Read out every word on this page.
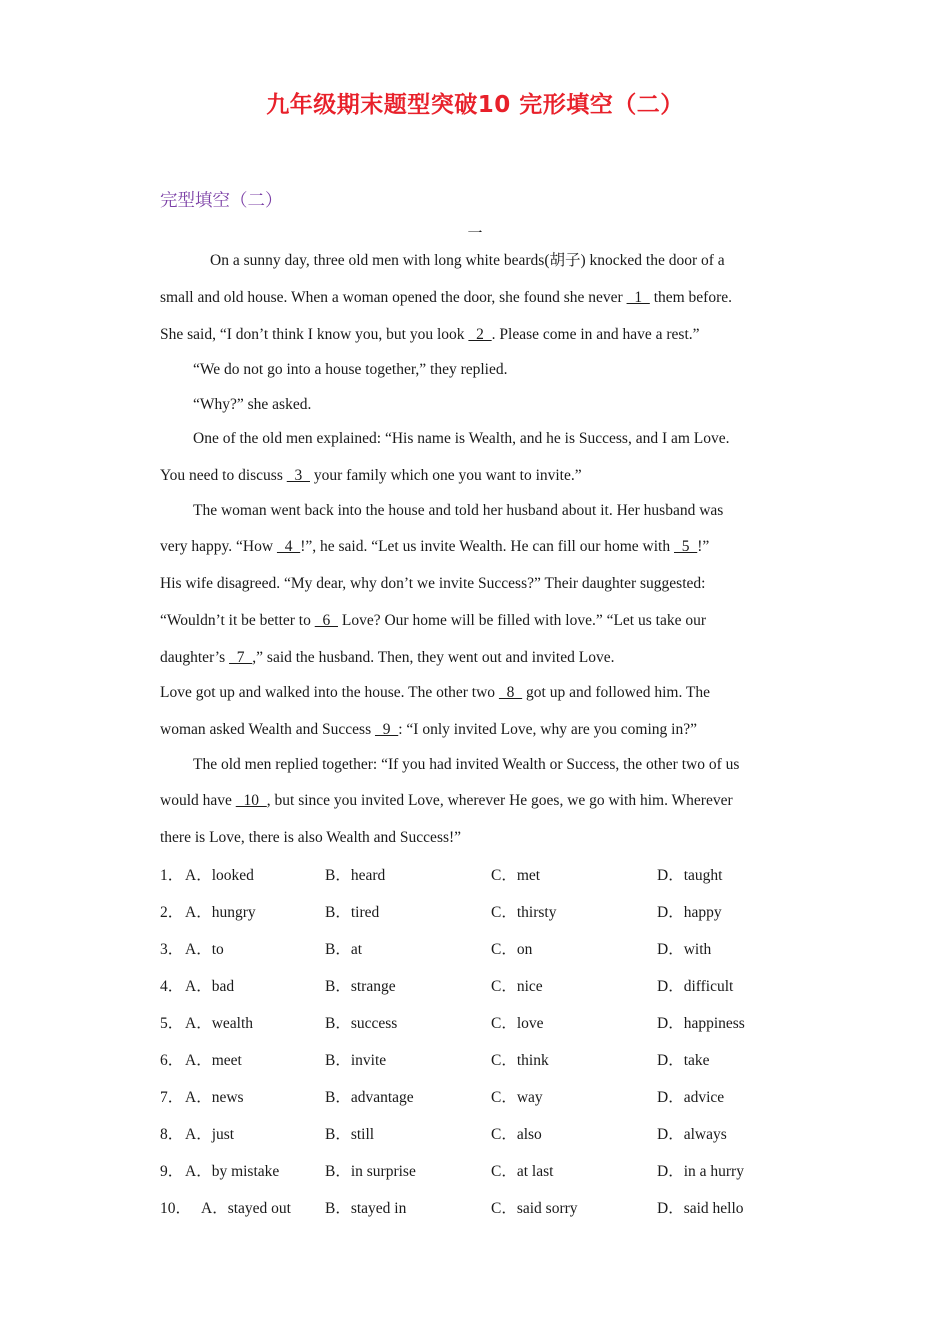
九年级期末题型突破10 完形填空（二）
完型填空（二）
一
On a sunny day, three old men with long white beards(胡子) knocked the door of a
small and old house. When a woman opened the door, she found she never   1   them before.
She said, “I don’t think I know you, but you look   2  . Please come in and have a rest.”
“We do not go into a house together,” they replied.
“Why?” she asked.
One of the old men explained: “His name is Wealth, and he is Success, and I am Love.
You need to discuss   3   your family which one you want to invite.”
The woman went back into the house and told her husband about it. Her husband was
very happy. “How   4  !”, he said. “Let us invite Wealth. He can fill our home with   5  !”
His wife disagreed. “My dear, why don’t we invite Success?” Their daughter suggested:
“Wouldn’t it be better to   6   Love? Our home will be filled with love.” “Let us take our
daughter’s   7  ,” said the husband. Then, they went out and invited Love.
Love got up and walked into the house. The other two   8   got up and followed him. The
woman asked Wealth and Success   9  : “I only invited Love, why are you coming in?”
The old men replied together: “If you had invited Wealth or Success, the other two of us
would have   10  , but since you invited Love, wherever He goes, we go with him. Wherever
there is Love, there is also Wealth and Success!”
1． A．looked	B．heard	C．met	D．taught
2． A．hungry	B．tired	C．thirsty	D．happy
3． A．to	B．at	C．on	D．with
4． A．bad	B．strange	C．nice	D．difficult
5． A．wealth	B．success	C．love	D．happiness
6． A．meet	B．invite	C．think	D．take
7． A．news	B．advantage	C．way	D．advice
8． A．just	B．still	C．also	D．always
9． A．by mistake	B．in surprise	C．at last	D．in a hurry
10． A．stayed out B．stayed in	C．said sorry	D．said hello
